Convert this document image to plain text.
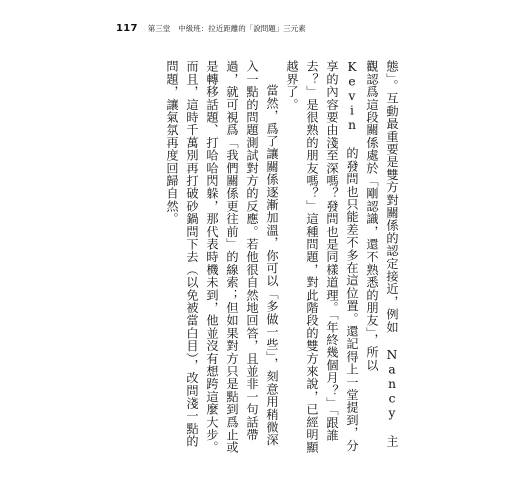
117 第三堂 中級班：拉近距離的「說問題」三元素

態」。互動最重要是雙方對關係的認定接近，例如 Nancy 主觀認爲這段關係處於「剛認識，還不熟悉的朋友」，所以 Kevin 的發問也只能差不多在這位置。還記得上一堂提到，分享的內容要由淺至深嗎？發問也是同樣道理。「年終幾個月？」「跟誰去？」是很熟的朋友嗎？」這種問題，對此階段的雙方來說，已經明顯越界了。

當然，爲了讓關係逐漸加溫，你可以「多做一些」，刻意用稍微深入一點的問題測試對方的反應。若他很自然地回答，且並非一句話帶過，就可視爲「我們關係更往前」的線索；但如果對方只是點到爲止或是轉移話題、打哈哈閃躲，那代表時機未到，他並沒有想跨這麼大步。而且，這時千萬別再打破砂鍋問下去（以免被當白目），改問淺一點的問題，讓氣氛再度回歸自然。
